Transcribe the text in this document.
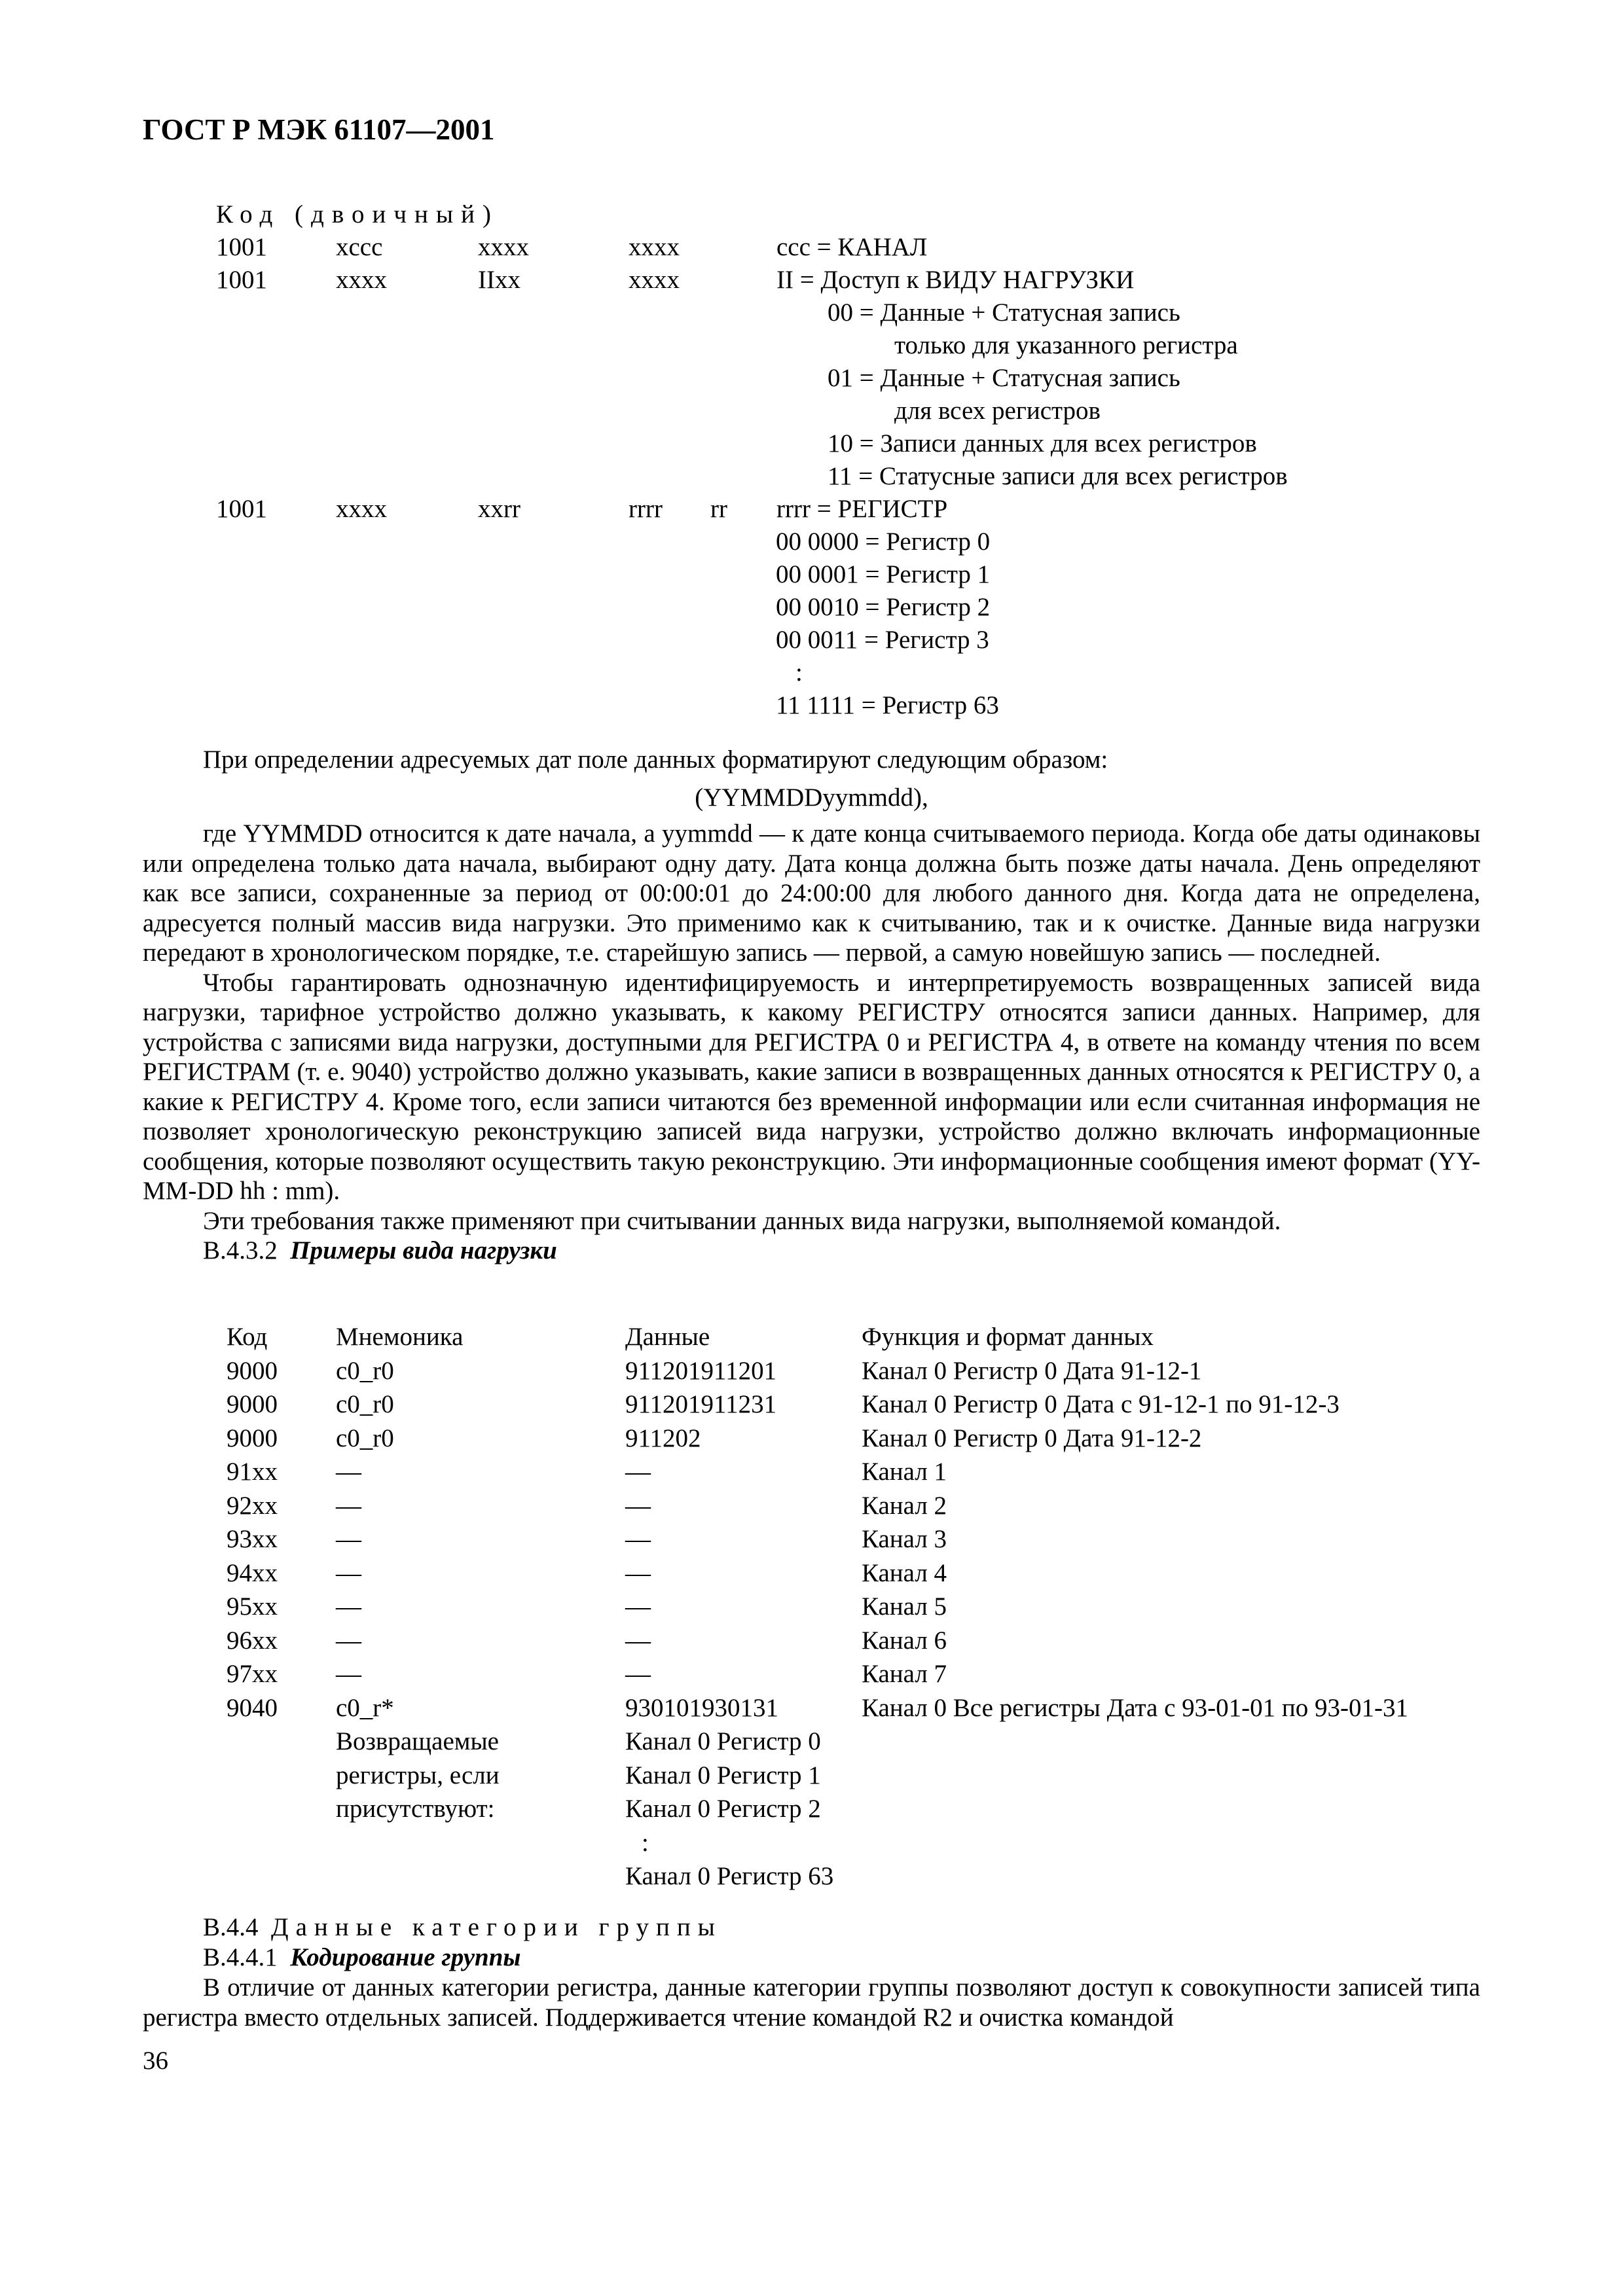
ГОСТ Р МЭК 61107—2001
Код (двоичный)
1001	xccc	xxxx	xxxx	ccc = КАНАЛ
1001	xxxx	IIxx	xxxx	II = Доступ к ВИДУ НАГРУЗКИ
00 = Данные + Статусная запись
только для указанного регистра
01 = Данные + Статусная запись
для всех регистров
10 = Записи данных для всех регистров
11 = Статусные записи для всех регистров
1001	xxxx	xxrr	rrrr rr rrrr = РЕГИСТР
00 0000 = Регистр 0
00 0001 = Регистр 1
00 0010 = Регистр 2
00 0011 = Регистр 3
:
11 1111 = Регистр 63
При определении адресуемых дат поле данных форматируют следующим образом:
(YYMMDDyymmdd),
где YYMMDD относится к дате начала, а yymmdd — к дате конца считываемого периода. Когда обе даты одинаковы или определена только дата начала, выбирают одну дату. Дата конца должна быть позже даты начала. День определяют как все записи, сохраненные за период от 00:00:01 до 24:00:00 для любого данного дня. Когда дата не определена, адресуется полный массив вида нагрузки. Это применимо как к считыванию, так и к очистке. Данные вида нагрузки передают в хронологическом порядке, т.е. старейшую запись — первой, а самую новейшую запись — последней.
Чтобы гарантировать однозначную идентифицируемость и интерпретируемость возвращенных записей вида нагрузки, тарифное устройство должно указывать, к какому РЕГИСТРУ относятся записи данных. Например, для устройства с записями вида нагрузки, доступными для РЕГИСТРА 0 и РЕГИСТРА 4, в ответе на команду чтения по всем РЕГИСТРАМ (т. е. 9040) устройство должно указывать, какие записи в возвращенных данных относятся к РЕГИСТРУ 0, а какие к РЕГИСТРУ 4. Кроме того, если записи читаются без временной информации или если считанная информация не позволяет хронологическую реконструкцию записей вида нагрузки, устройство должно включать информационные сообщения, которые позволяют осуществить такую реконструкцию. Эти информационные сообщения имеют формат (YY-MM-DD hh : mm).
Эти требования также применяют при считывании данных вида нагрузки, выполняемой командой.
В.4.3.2 Примеры вида нагрузки
Код	Мнемоника	Данные	Функция и формат данных
9000 c0_r0	911201911201	Канал 0 Регистр 0 Дата 91-12-1
9000 c0_r0	911201911231	Канал 0 Регистр 0 Дата с 91-12-1 по 91-12-3
9000 c0_r0	911202	Канал 0 Регистр 0 Дата 91-12-2
91xx —	—	Канал 1
92xx —	—	Канал 2
93xx —	—	Канал 3
94xx —	—	Канал 4
95xx —	—	Канал 5
96xx —	—	Канал 6
97xx —	—	Канал 7
9040 c0_r*	930101930131	Канал 0 Все регистры Дата с 93-01-01 по 93-01-31
Возвращаемые	Канал 0 Регистр 0
регистры, если	Канал 0 Регистр 1
присутствуют:	Канал 0 Регистр 2
:
Канал 0 Регистр 63
В.4.4 Данные категории группы
В.4.4.1 Кодирование группы
В отличие от данных категории регистра, данные категории группы позволяют доступ к совокупности записей типа регистра вместо отдельных записей. Поддерживается чтение командой R2 и очистка командой
36
